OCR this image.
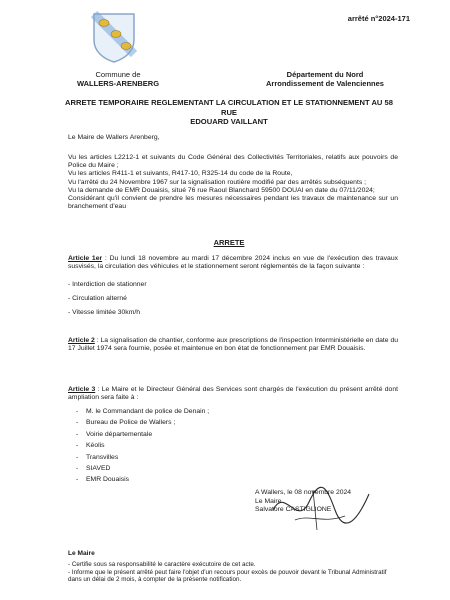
arrêté n°2024-171
Commune de
WALLERS-ARENBERG
Département du Nord
Arrondissement de Valenciennes
ARRETE TEMPORAIRE REGLEMENTANT LA CIRCULATION ET LE STATIONNEMENT AU 58 RUE
EDOUARD VAILLANT
Le Maire de Wallers Arenberg,
Vu les articles L2212-1 et suivants du Code Général des Collectivités Territoriales, relatifs aux pouvoirs de Police du Maire ;
Vu les articles R411-1 et suivants, R417-10, R325-14 du code de la Route,
Vu l'arrêté du 24 Novembre 1967 sur la signalisation routière modifié par des arrêtés subséquents ;
Vu la demande de EMR Douaisis, situé 76 rue Raoul Blanchard 59500 DOUAI en date du 07/11/2024;
Considérant qu'il convient de prendre les mesures nécessaires pendant les travaux de maintenance sur un branchement d'eau
ARRETE
Article 1er : Du lundi 18 novembre au mardi 17 décembre 2024 inclus en vue de l'exécution des travaux susvisés, la circulation des véhicules et le stationnement seront réglementés de la façon suivante :
- Interdiction de stationner
- Circulation alterné
- Vitesse limitée 30km/h
Article 2 : La signalisation de chantier, conforme aux prescriptions de l'inspection Interministérielle en date du 17 Juillet 1974 sera fournie, posée et maintenue en bon état de fonctionnement par EMR Douaisis.
Article 3 : Le Maire et le Directeur Général des Services sont chargés de l'exécution du présent arrêté dont ampliation sera faite à :
-	M. le Commandant de police de Denain ;
-	Bureau de Police de Wallers ;
-	Voirie départementale
-	Kéolis
-	Transvilles
-	SIAVED
-	EMR Douaisis
A Wallers, le 08 novembre 2024
Le Maire
Salvatore CASTIGLIONE
Le Maire
- Certifie sous sa responsabilité le caractère exécutoire de cet acte.
- Informe que le présent arrêté peut faire l'objet d'un recours pour excès de pouvoir devant le Tribunal Administratif dans un délai de 2 mois, à compter de la présente notification.
